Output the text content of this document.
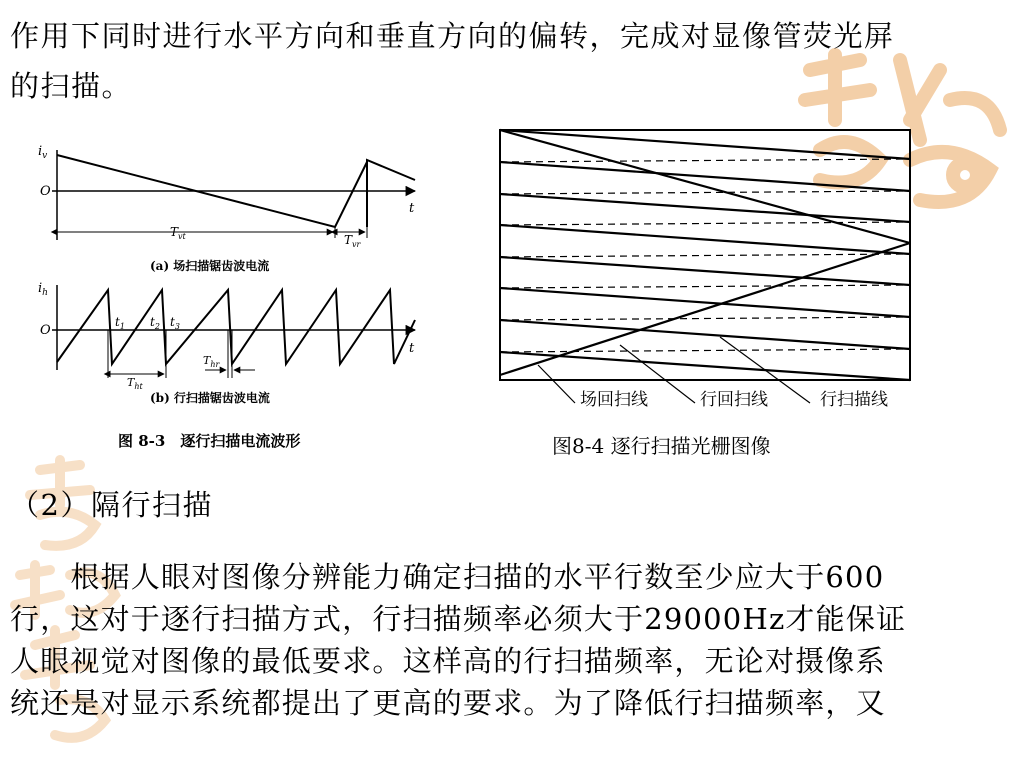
作用下同时进行水平方向和垂直方向的偏转，完成对显像管荧光屏
的扫描。
$i_v$
O
t
$T_{vt}$	$T_{vr}$
(a) 场扫描锯齿波电流
$i_h$
O
t
$t_1$ $t_2$ $t_3$
$T_{ht}$
$T_{hr}$
(b) 行扫描锯齿波电流
图 8-3　逐行扫描电流波形
场回扫线	行回扫线	行扫描线
图8-4 逐行扫描光栅图像
（2）隔行扫描
　　根据人眼对图像分辨能力确定扫描的水平行数至少应大于600
行，这对于逐行扫描方式，行扫描频率必须大于29000Hz才能保证
人眼视觉对图像的最低要求。这样高的行扫描频率，无论对摄像系
统还是对显示系统都提出了更高的要求。为了降低行扫描频率，又
